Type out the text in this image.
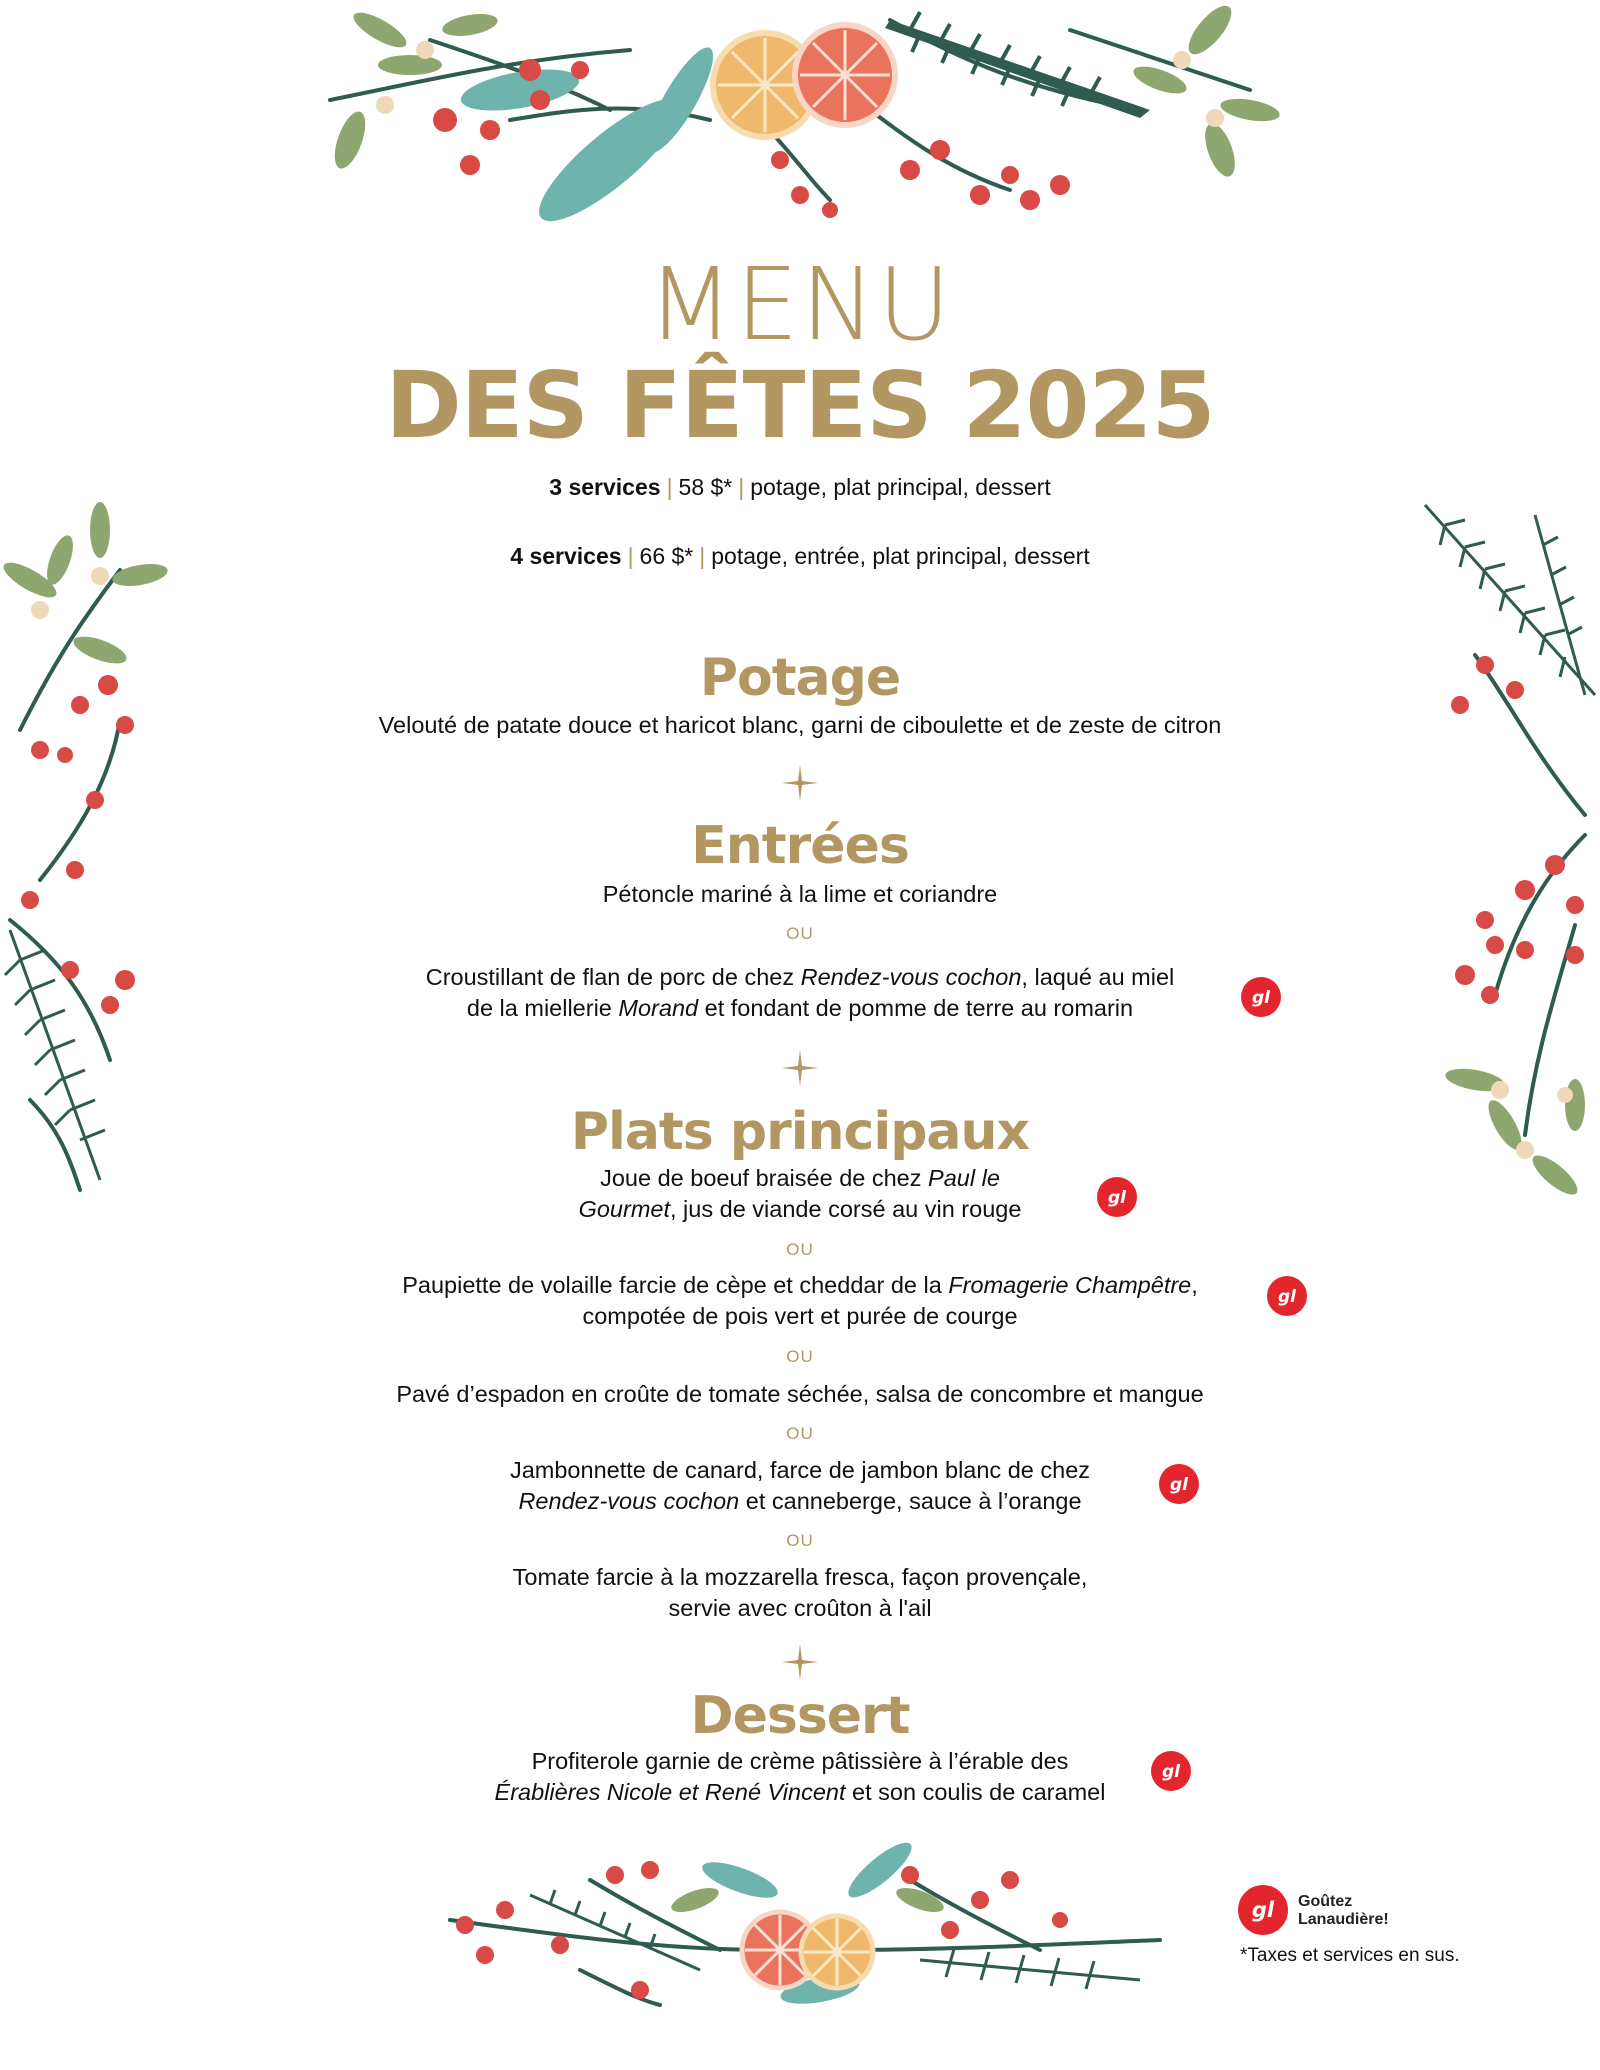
MENU
DES FÊTES 2025
3 services | 58 $* | potage, plat principal, dessert
4 services | 66 $* | potage, entrée, plat principal, dessert
Potage
Velouté de patate douce et haricot blanc, garni de ciboulette et de zeste de citron
Entrées
Pétoncle mariné à la lime et coriandre
OU
Croustillant de flan de porc de chez Rendez-vous cochon, laqué au miel
de la miellerie Morand et fondant de pomme de terre au romarin	gl
Plats principaux
Joue de boeuf braisée de chez Paul le
Gourmet, jus de viande corsé au vin rouge	gl
OU
Paupiette de volaille farcie de cèpe et cheddar de la Fromagerie Champêtre,
compotée de pois vert et purée de courge
gl
OU
Pavé d’espadon en croûte de tomate séchée, salsa de concombre et mangue
OU
Jambonnette de canard, farce de jambon blanc de chez
Rendez-vous cochon et canneberge, sauce à l’orange
gl
OU
Tomate farcie à la mozzarella fresca, façon provençale,
servie avec croûton à l'ail
Dessert
Profiterole garnie de crème pâtissière à l’érable des
Érablières Nicole et René Vincent et son coulis de caramel
gl
gl Goûtez
Lanaudière!
*Taxes et services en sus.
